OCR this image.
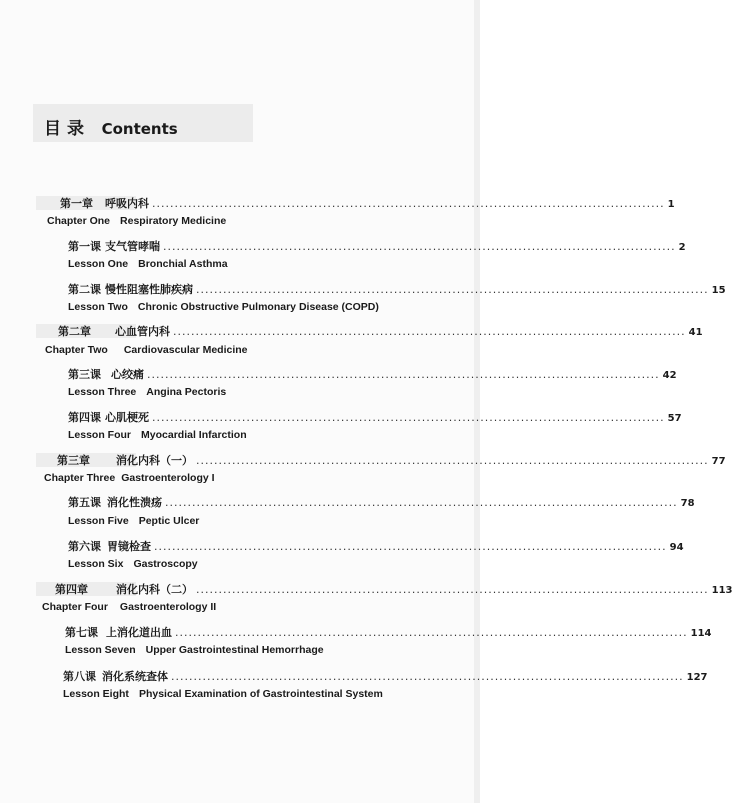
目录 Contents
第一章 呼吸内科 .................................................................................................................. 1
Chapter One Respiratory Medicine
第一课 支气管哮喘 .................................................................................................................. 2
Lesson One Bronchial Asthma
第二课 慢性阻塞性肺疾病 .................................................................................................................. 15
Lesson Two Chronic Obstructive Pulmonary Disease (COPD)
第二章 心血管内科 .................................................................................................................. 41
Chapter Two Cardiovascular Medicine
第三课 心绞痛 .................................................................................................................. 42
Lesson Three Angina Pectoris
第四课 心肌梗死 .................................................................................................................. 57
Lesson Four Myocardial Infarction
第三章 消化内科（一） .................................................................................................................. 77
Chapter Three Gastroenterology I
第五课 消化性溃疡 .................................................................................................................. 78
Lesson Five Peptic Ulcer
第六课 胃镜检查 .................................................................................................................. 94
Lesson Six Gastroscopy
第四章	消化内科（二） .................................................................................................................. 113
Chapter Four Gastroenterology II
第七课 上消化道出血 .................................................................................................................. 114
Lesson Seven Upper Gastrointestinal Hemorrhage
第八课 消化系统查体 .................................................................................................................. 127
Lesson Eight Physical Examination of Gastrointestinal System
